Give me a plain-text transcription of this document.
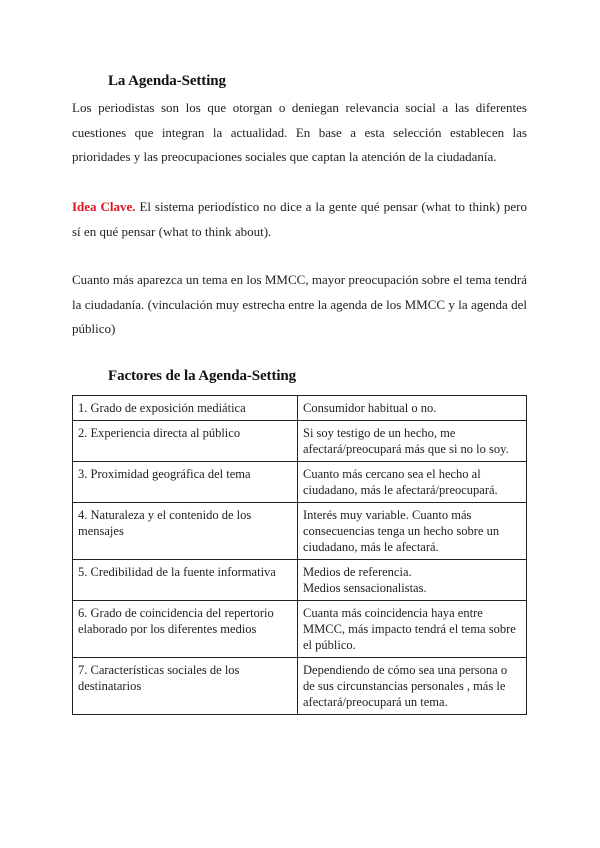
La Agenda-Setting

Los periodistas son los que otorgan o deniegan relevancia social a las diferentes cuestiones que integran la actualidad. En base a esta selección establecen las prioridades y las preocupaciones sociales que captan la atención de la ciudadanía.

Idea Clave. El sistema periodístico no dice a la gente qué pensar (what to think) pero sí en qué pensar (what to think about).

Cuanto más aparezca un tema en los MMCC, mayor preocupación sobre el tema tendrá la ciudadanía. (vinculación muy estrecha entre la agenda de los MMCC y la agenda del público)

Factores de la Agenda-Setting
1. Grado de exposición mediática	Consumidor habitual o no.
2. Experiencia directa al público	Si soy testigo de un hecho, me afectará/preocupará más que si no lo soy.
3. Proximidad geográfica del tema	Cuanto más cercano sea el hecho al ciudadano, más le afectará/preocupará.
4. Naturaleza y el contenido de los mensajes	Interés muy variable. Cuanto más consecuencias tenga un hecho sobre un ciudadano, más le afectará.
5. Credibilidad de la fuente informativa	Medios de referencia.
Medios sensacionalistas.

6. Grado de coincidencia del repertorio elaborado por los diferentes medios	Cuanta más coincidencia haya entre MMCC, más impacto tendrá el tema sobre el público.
7. Características sociales de los destinatarios	Dependiendo de cómo sea una persona o de sus circunstancias personales , más le afectará/preocupará un tema.
